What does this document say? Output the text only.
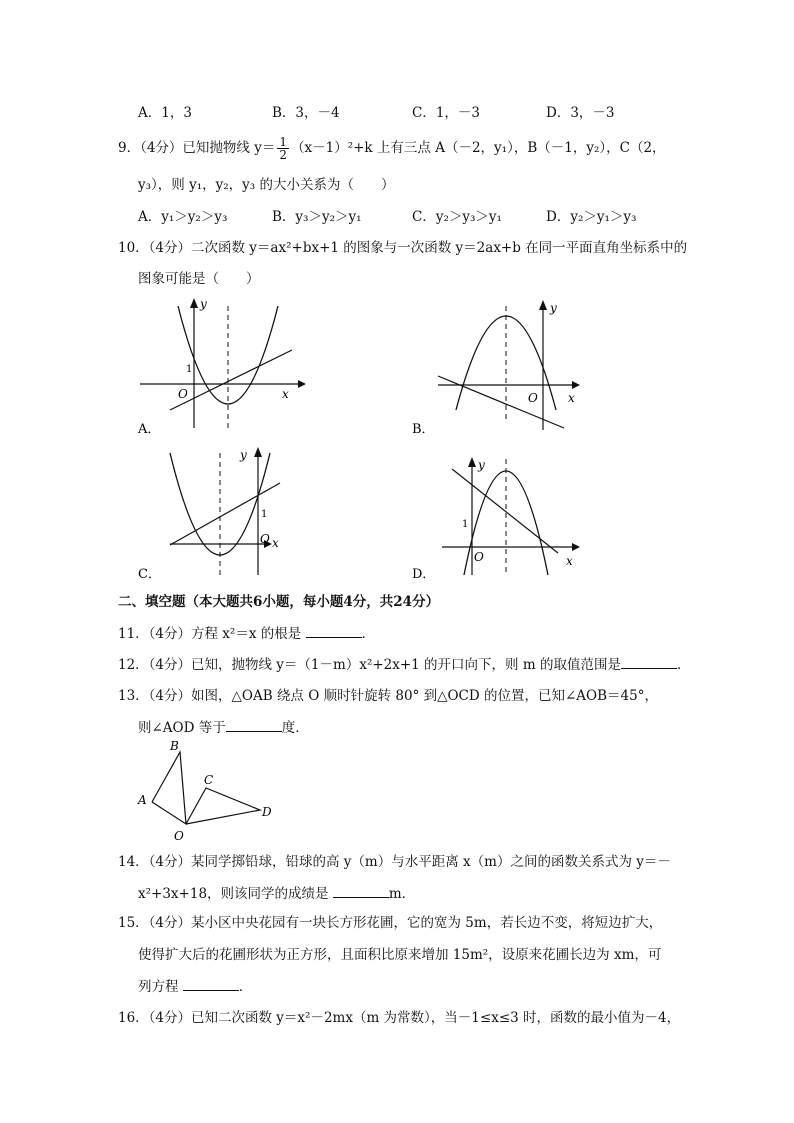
A．1，3	B．3，－4	C．1，－3	D．3，－3
9．（4分）已知抛物线 $y= \frac{1}{2} (x-1)^2+k$ 上有三点 A（－2，y₁），B（－1，y₂），C（2，
y₃），则 y₁，y₂，y₃ 的大小关系为（　　）
A．y₁＞y₂＞y₃	B．y₃＞y₂＞y₁	C．y₂＞y₃＞y₁	D．y₂＞y₁＞y₃
10．（4分）二次函数 y＝ax²+bx+1 的图象与一次函数 y＝2ax+b 在同一平面直角坐标系中的
图象可能是（　　）
y
x
O
1
A．
y
x
O
B．
y
x
O
1
C．
y
x
O
1
D．
二、填空题（本大题共6小题，每小题4分，共24分）
11．（4分）方程 x²＝x 的根是	．
12．（4分）已知，抛物线 y＝（1－m）x²+2x+1 的开口向下，则 m 的取值范围是	．
13．（4分）如图，△OAB 绕点 O 顺时针旋转 80° 到△OCD 的位置，已知∠AOB＝45°，
则∠AOD 等于	度．
B
A
C
D
O
14．（4分）某同学掷铅球，铅球的高 y（m）与水平距离 x（m）之间的函数关系式为 y＝－
x²+3x+18，则该同学的成绩是	m．
15．（4分）某小区中央花园有一块长方形花圃，它的宽为 5m，若长边不变，将短边扩大，
使得扩大后的花圃形状为正方形，且面积比原来增加 15m²，设原来花圃长边为 xm，可
列方程	．
16．（4分）已知二次函数 y＝x²－2mx（m 为常数），当－1≤x≤3 时，函数的最小值为－4，
